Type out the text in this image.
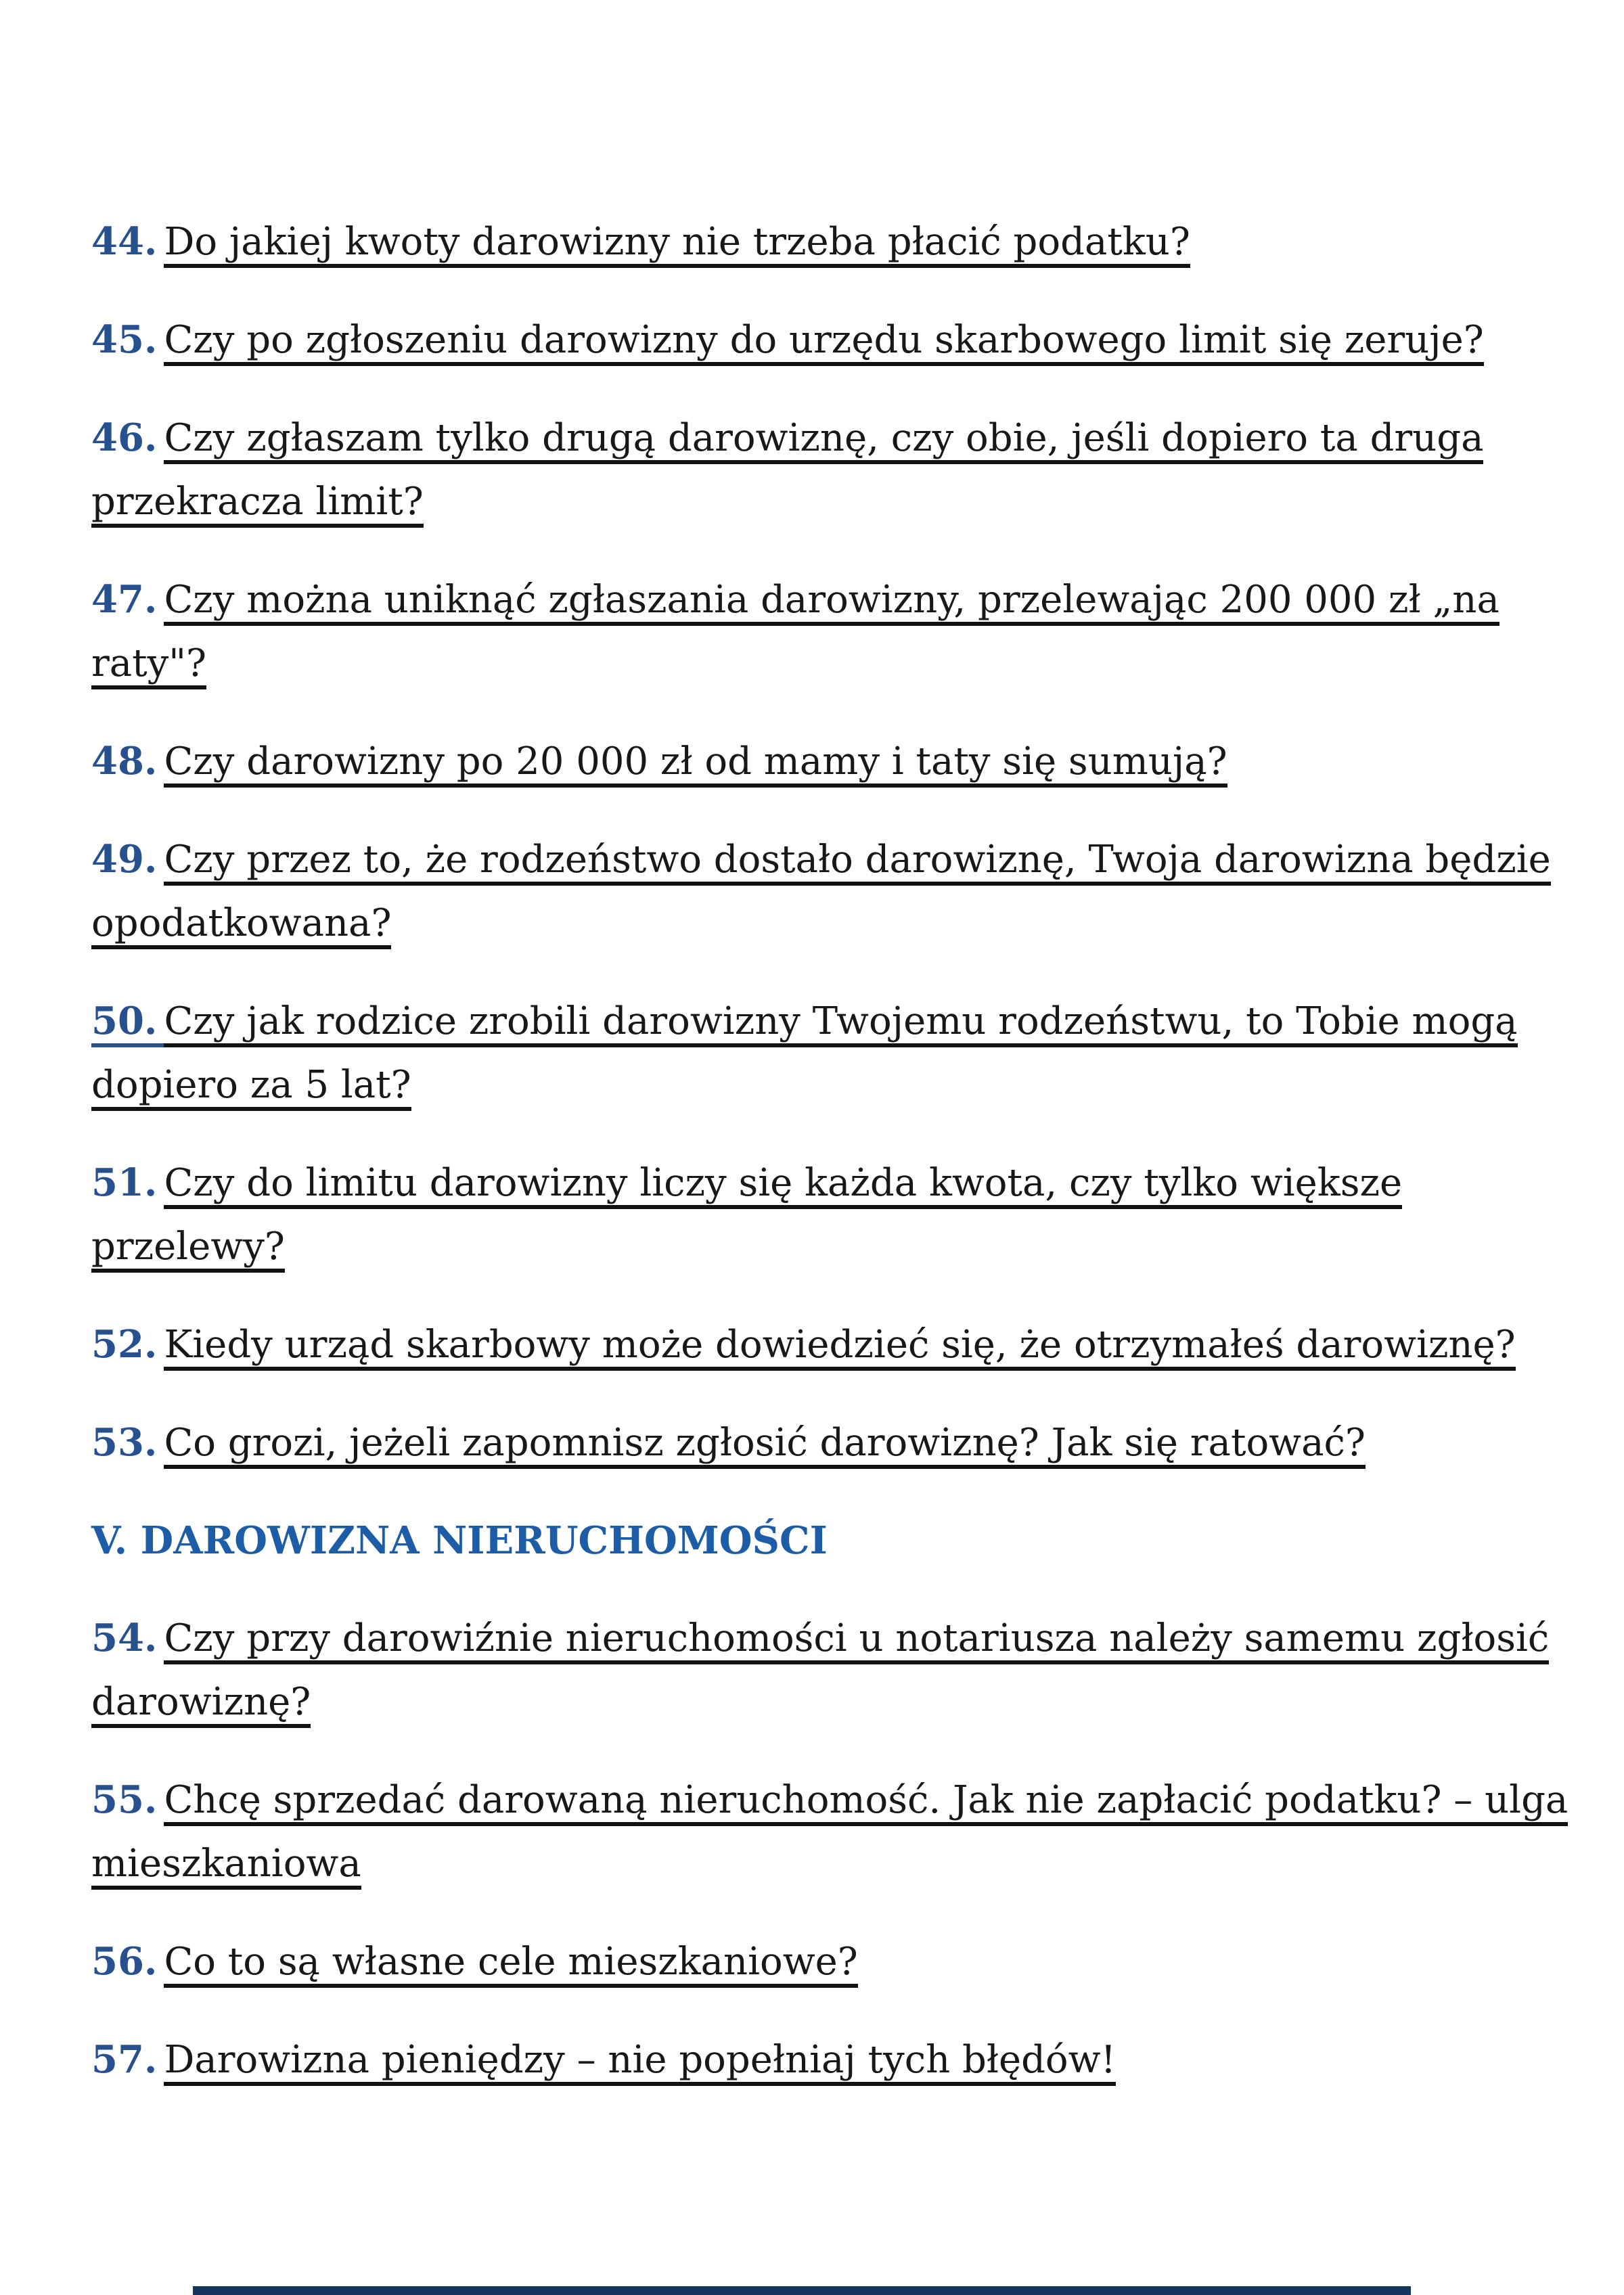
44. Do jakiej kwoty darowizny nie trzeba płacić podatku?
45. Czy po zgłoszeniu darowizny do urzędu skarbowego limit się zeruje?
46. Czy zgłaszam tylko drugą darowiznę, czy obie, jeśli dopiero ta druga
przekracza limit?
47. Czy można uniknąć zgłaszania darowizny, przelewając 200 000 zł „na
raty"?
48. Czy darowizny po 20 000 zł od mamy i taty się sumują?
49. Czy przez to, że rodzeństwo dostało darowiznę, Twoja darowizna będzie
opodatkowana?
50. Czy jak rodzice zrobili darowizny Twojemu rodzeństwu, to Tobie mogą
dopiero za 5 lat?
51. Czy do limitu darowizny liczy się każda kwota, czy tylko większe
przelewy?
52. Kiedy urząd skarbowy może dowiedzieć się, że otrzymałeś darowiznę?
53. Co grozi, jeżeli zapomnisz zgłosić darowiznę? Jak się ratować?
V. DAROWIZNA NIERUCHOMOŚCI
54. Czy przy darowiźnie nieruchomości u notariusza należy samemu zgłosić
darowiznę?
55. Chcę sprzedać darowaną nieruchomość. Jak nie zapłacić podatku? – ulga
mieszkaniowa
56. Co to są własne cele mieszkaniowe?
57. Darowizna pieniędzy – nie popełniaj tych błędów!
